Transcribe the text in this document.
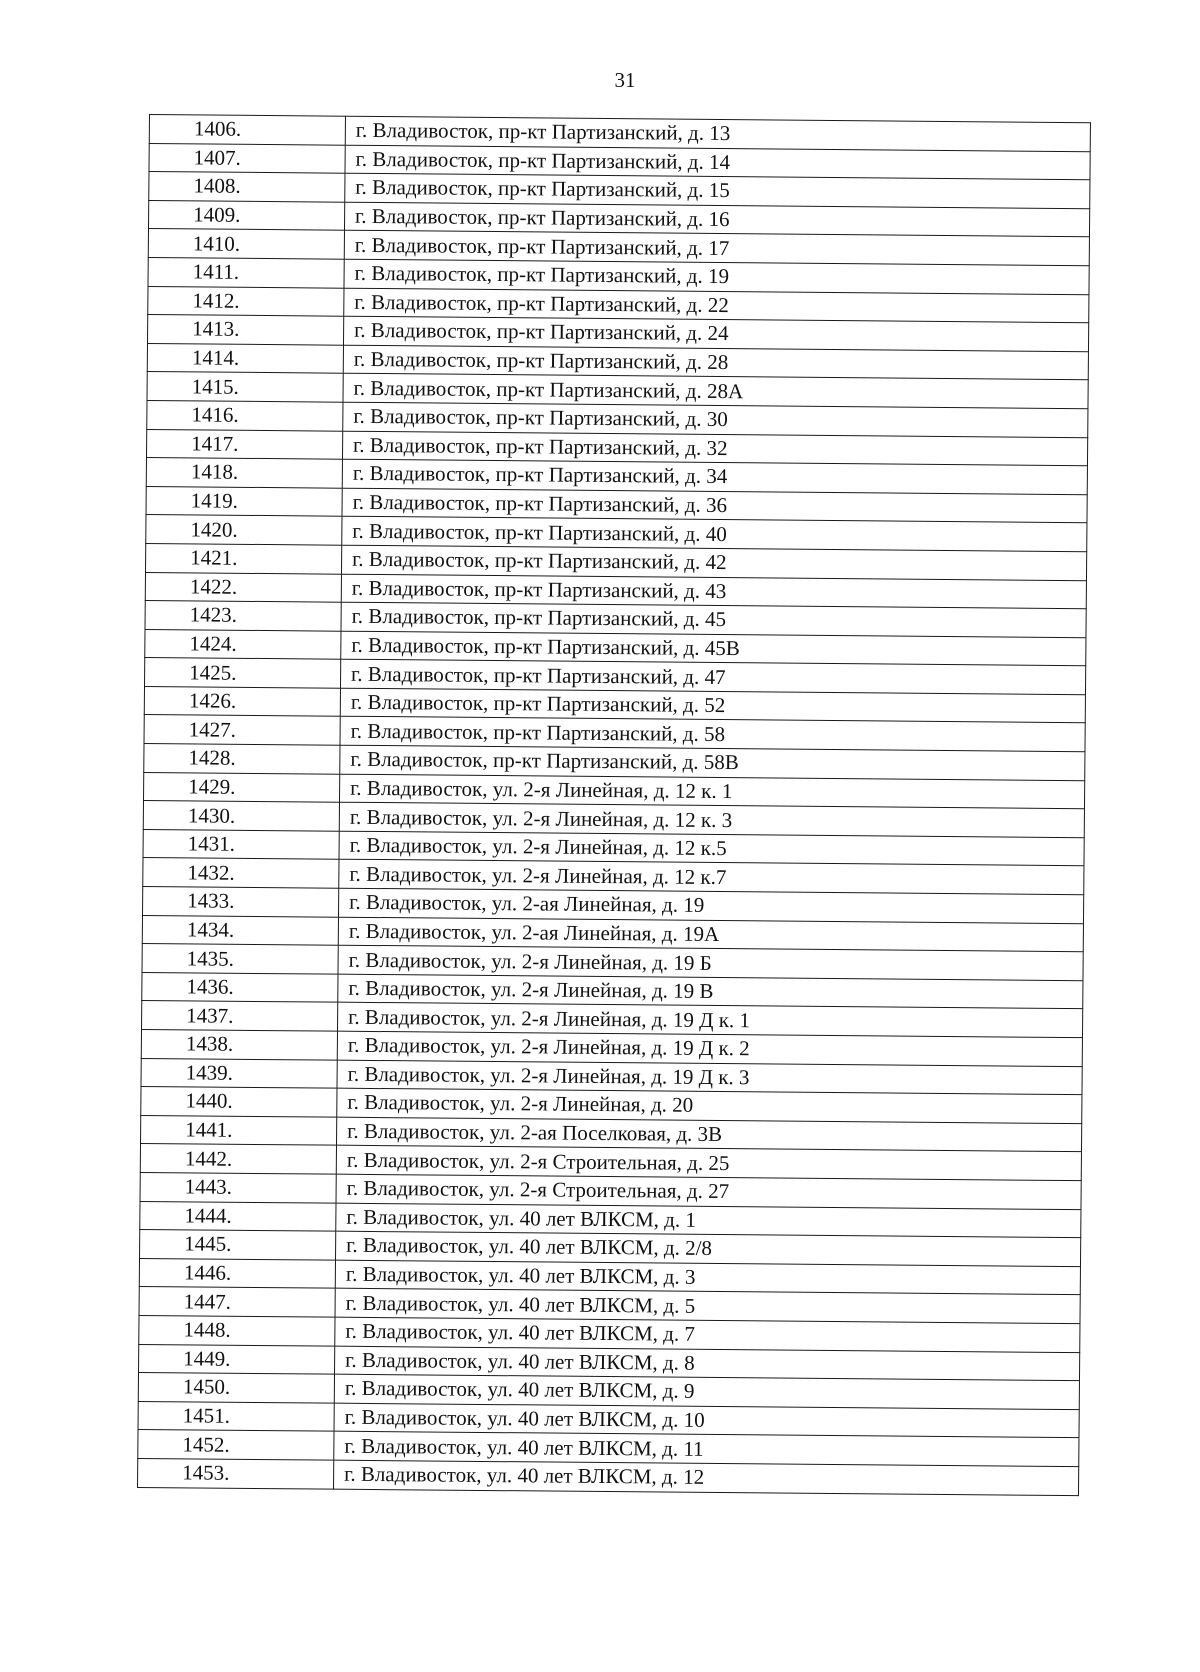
31
1406.	г. Владивосток, пр-кт Партизанский, д. 13
1407.	г. Владивосток, пр-кт Партизанский, д. 14
1408.	г. Владивосток, пр-кт Партизанский, д. 15
1409.	г. Владивосток, пр-кт Партизанский, д. 16
1410.	г. Владивосток, пр-кт Партизанский, д. 17
1411.	г. Владивосток, пр-кт Партизанский, д. 19
1412.	г. Владивосток, пр-кт Партизанский, д. 22
1413.	г. Владивосток, пр-кт Партизанский, д. 24
1414.	г. Владивосток, пр-кт Партизанский, д. 28
1415.	г. Владивосток, пр-кт Партизанский, д. 28А
1416.	г. Владивосток, пр-кт Партизанский, д. 30
1417.	г. Владивосток, пр-кт Партизанский, д. 32
1418.	г. Владивосток, пр-кт Партизанский, д. 34
1419.	г. Владивосток, пр-кт Партизанский, д. 36
1420.	г. Владивосток, пр-кт Партизанский, д. 40
1421.	г. Владивосток, пр-кт Партизанский, д. 42
1422.	г. Владивосток, пр-кт Партизанский, д. 43
1423.	г. Владивосток, пр-кт Партизанский, д. 45
1424.	г. Владивосток, пр-кт Партизанский, д. 45В
1425.	г. Владивосток, пр-кт Партизанский, д. 47
1426.	г. Владивосток, пр-кт Партизанский, д. 52
1427.	г. Владивосток, пр-кт Партизанский, д. 58
1428.	г. Владивосток, пр-кт Партизанский, д. 58В
1429.	г. Владивосток, ул. 2-я Линейная, д. 12 к. 1
1430.	г. Владивосток, ул. 2-я Линейная, д. 12 к. 3
1431.	г. Владивосток, ул. 2-я Линейная, д. 12 к.5
1432.	г. Владивосток, ул. 2-я Линейная, д. 12 к.7
1433.	г. Владивосток, ул. 2-ая Линейная, д. 19
1434.	г. Владивосток, ул. 2-ая Линейная, д. 19А
1435.	г. Владивосток, ул. 2-я Линейная, д. 19 Б
1436.	г. Владивосток, ул. 2-я Линейная, д. 19 В
1437.	г. Владивосток, ул. 2-я Линейная, д. 19 Д к. 1
1438.	г. Владивосток, ул. 2-я Линейная, д. 19 Д к. 2
1439.	г. Владивосток, ул. 2-я Линейная, д. 19 Д к. 3
1440.	г. Владивосток, ул. 2-я Линейная, д. 20
1441.	г. Владивосток, ул. 2-ая Поселковая, д. 3В
1442.	г. Владивосток, ул. 2-я Строительная, д. 25
1443.	г. Владивосток, ул. 2-я Строительная, д. 27
1444.	г. Владивосток, ул. 40 лет ВЛКСМ, д. 1
1445.	г. Владивосток, ул. 40 лет ВЛКСМ, д. 2/8
1446.	г. Владивосток, ул. 40 лет ВЛКСМ, д. 3
1447.	г. Владивосток, ул. 40 лет ВЛКСМ, д. 5
1448.	г. Владивосток, ул. 40 лет ВЛКСМ, д. 7
1449.	г. Владивосток, ул. 40 лет ВЛКСМ, д. 8
1450.	г. Владивосток, ул. 40 лет ВЛКСМ, д. 9
1451.	г. Владивосток, ул. 40 лет ВЛКСМ, д. 10
1452.	г. Владивосток, ул. 40 лет ВЛКСМ, д. 11
1453.	г. Владивосток, ул. 40 лет ВЛКСМ, д. 12
